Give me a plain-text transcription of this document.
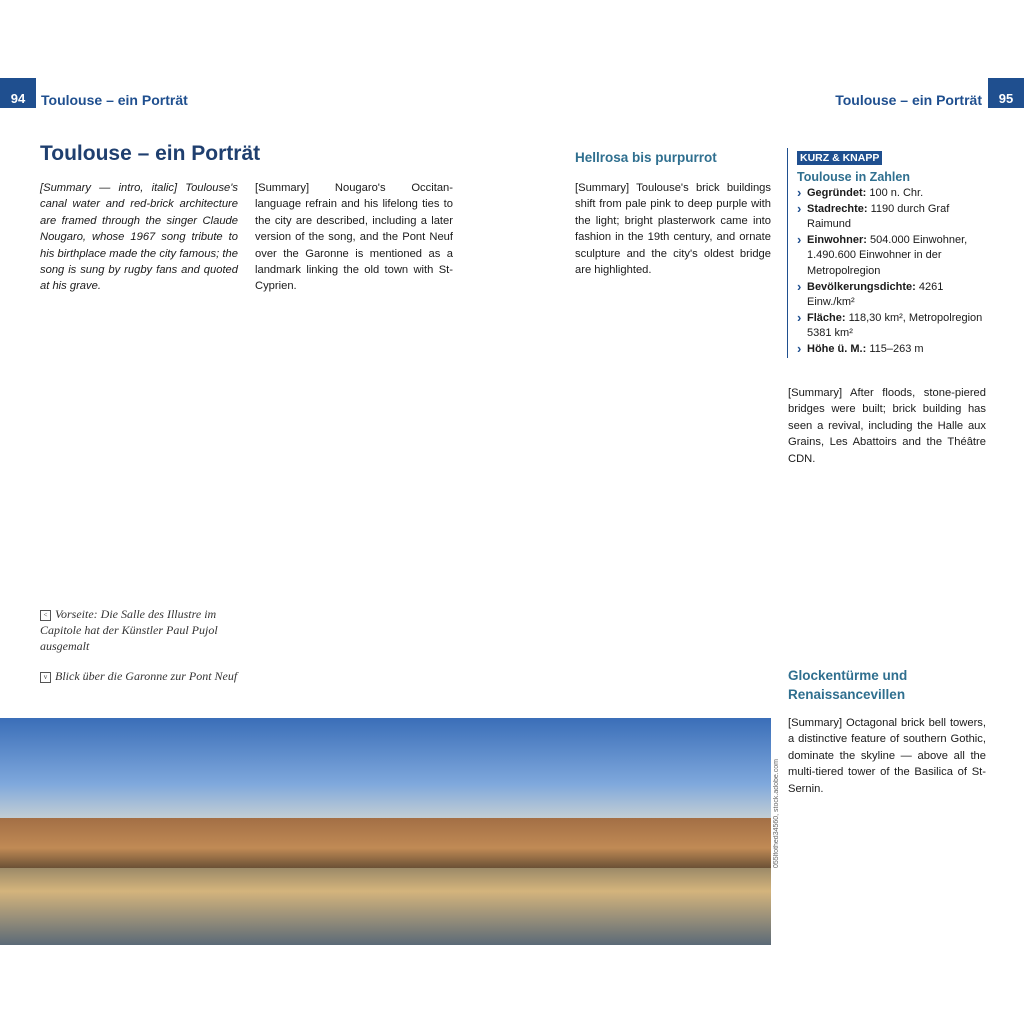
94	Toulouse – ein Porträt	Toulouse – ein Porträt	95
Toulouse – ein Porträt
[Summary — intro, italic] Toulouse's canal water and red-brick architecture are framed through the singer Claude Nougaro, whose 1967 song tribute to his birthplace made the city famous; the song is sung by rugby fans and quoted at his grave.
[Summary] Nougaro's Occitan-language refrain and his lifelong ties to the city are described, including a later version of the song, and the Pont Neuf over the Garonne is mentioned as a landmark linking the old town with St-Cyprien.
Hellrosa bis purpurrot
[Summary] Toulouse's brick buildings shift from pale pink to deep purple with the light; bright plasterwork came into fashion in the 19th century, and ornate sculpture and the city's oldest bridge are highlighted.
KURZ & KNAPP
Toulouse in Zahlen
› Gegründet: 100 n. Chr.
› Stadrechte: 1190 durch Graf Raimund
› Einwohner: 504.000 Einwohner, 1.490.600 Einwohner in der Metropolregion
› Bevölkerungsdichte: 4261 Einw./km²
› Fläche: 118,30 km², Metropolregion 5381 km²
› Höhe ü. M.: 115–263 m
[Summary] After floods, stone-piered bridges were built; brick building has seen a revival, including the Halle aux Grains, Les Abattoirs and the Théâtre CDN.
Glockentürme und Renaissancevillen
[Summary] Octagonal brick bell towers, a distinctive feature of southern Gothic, dominate the skyline — above all the multi-tiered tower of the Basilica of St-Sernin.
< Vorseite: Die Salle des Illustre im Capitole hat der Künstler Paul Pujol ausgemalt
v Blick über die Garonne zur Pont Neuf
055lfothed34560, stock.adobe.com
